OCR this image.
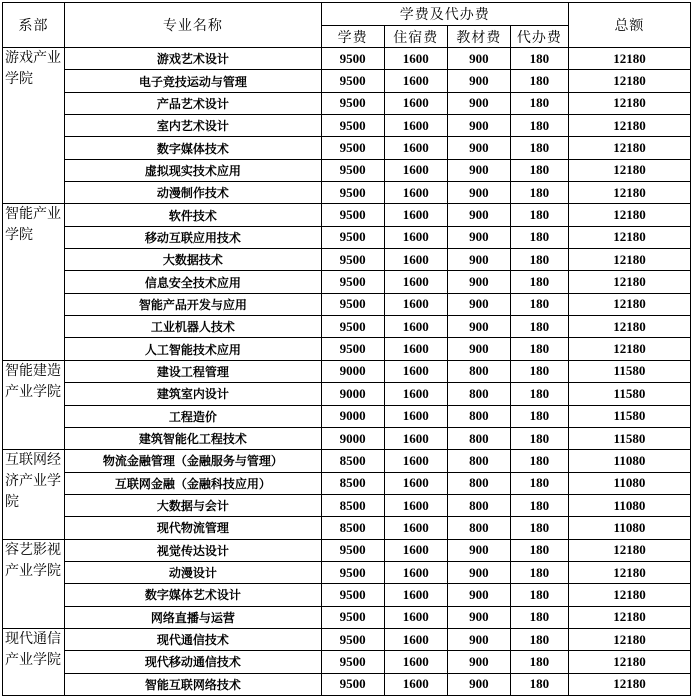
系部	专业名称	学费及代办费				总额
		学费	住宿费	教材费	代办费	

游戏产业
学院	游戏艺术设计	9500	1600	900	180	12180
	电子竞技运动与管理	9500	1600	900	180	12180
	产品艺术设计	9500	1600	900	180	12180
	室内艺术设计	9500	1600	900	180	12180
	数字媒体技术	9500	1600	900	180	12180
	虚拟现实技术应用	9500	1600	900	180	12180
	动漫制作技术	9500	1600	900	180	12180

智能产业
学院	软件技术	9500	1600	900	180	12180
	移动互联应用技术	9500	1600	900	180	12180
	大数据技术	9500	1600	900	180	12180
	信息安全技术应用	9500	1600	900	180	12180
	智能产品开发与应用	9500	1600	900	180	12180
	工业机器人技术	9500	1600	900	180	12180
	人工智能技术应用	9500	1600	900	180	12180

智能建造
产业学院	建设工程管理	9000	1600	800	180	11580
	建筑室内设计	9000	1600	800	180	11580
	工程造价	9000	1600	800	180	11580
	建筑智能化工程技术	9000	1600	800	180	11580

互联网经
济产业学
院	物流金融管理（金融服务与管理）	8500	1600	800	180	11080
	互联网金融（金融科技应用）	8500	1600	800	180	11080
	大数据与会计	8500	1600	800	180	11080
	现代物流管理	8500	1600	800	180	11080

容艺影视
产业学院	视觉传达设计	9500	1600	900	180	12180
	动漫设计	9500	1600	900	180	12180
	数字媒体艺术设计	9500	1600	900	180	12180
	网络直播与运营	9500	1600	900	180	12180

现代通信
产业学院	现代通信技术	9500	1600	900	180	12180
	现代移动通信技术	9500	1600	900	180	12180
	智能互联网络技术	9500	1600	900	180	12180
